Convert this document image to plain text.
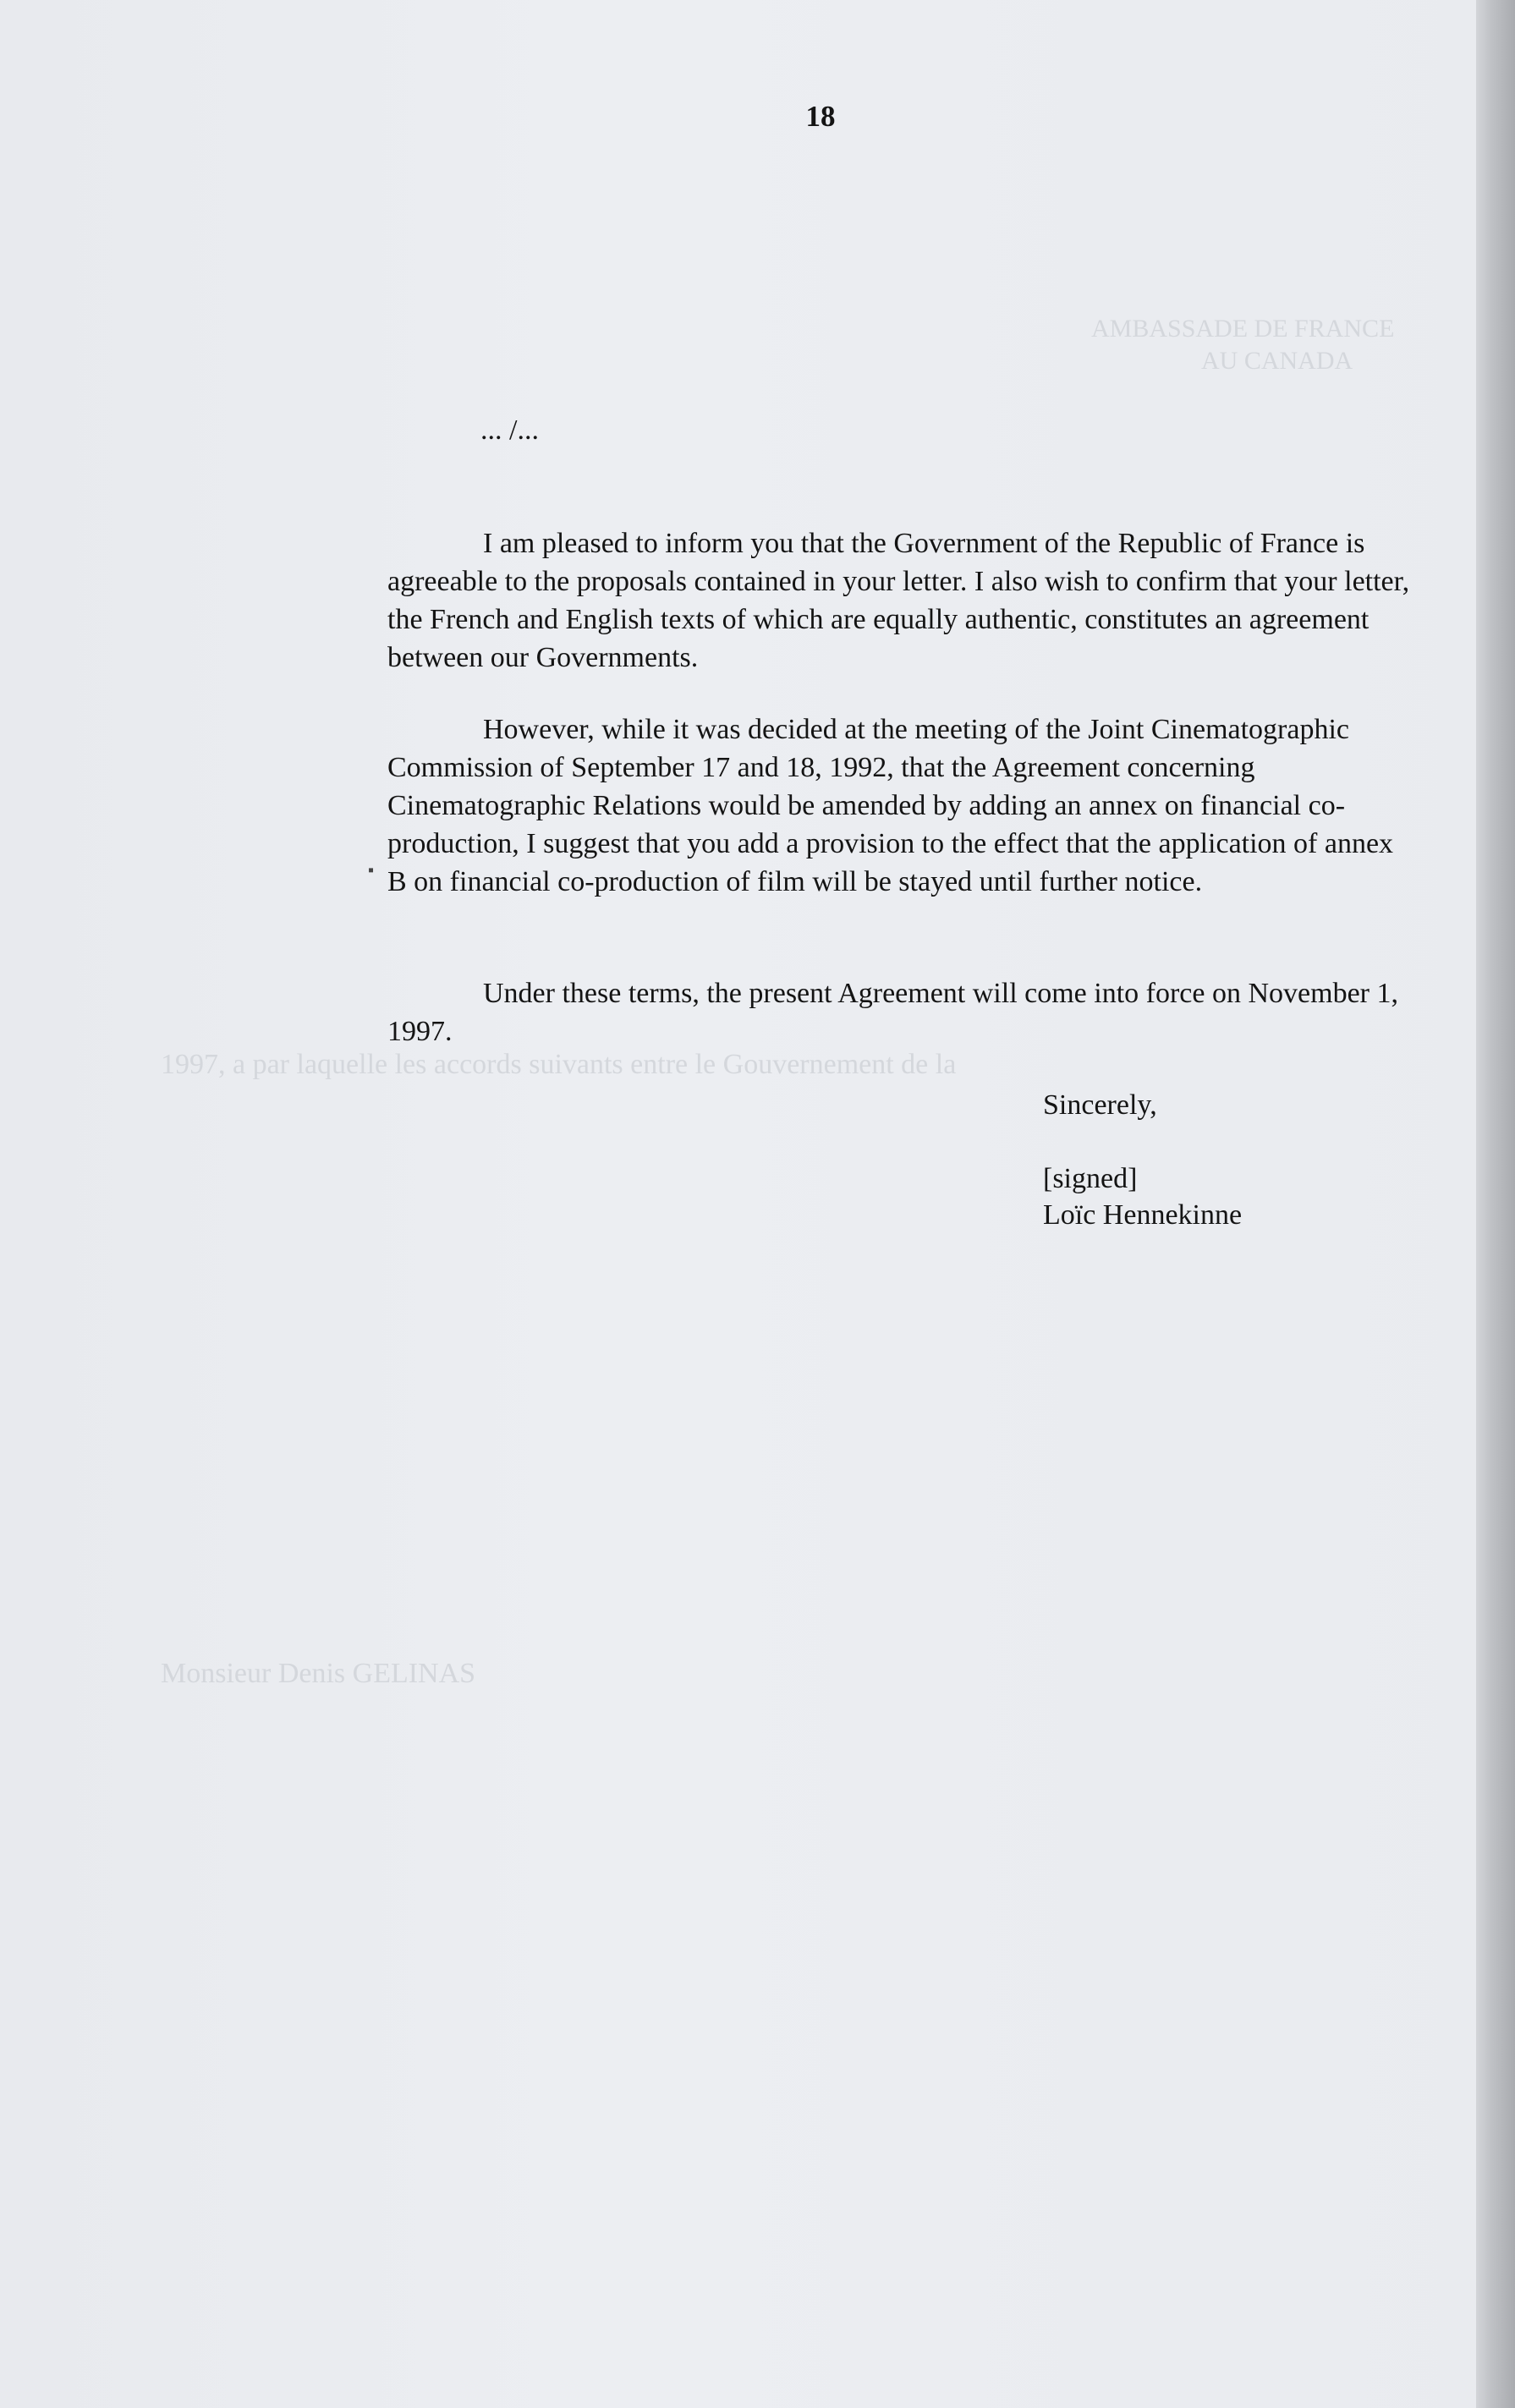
AMBASSADE DE FRANCE
AU CANADA
1997, a par laquelle les accords suivants entre le Gouvernement de la
Monsieur Denis GELINAS
18
... /...

I am pleased to inform you that the Government of the Republic of France is agreeable to the proposals contained in your letter. I also wish to confirm that your letter, the French and English texts of which are equally authentic, constitutes an agreement between our Governments.

However, while it was decided at the meeting of the Joint Cinematographic Commission of September 17 and 18, 1992, that the Agreement concerning Cinematographic Relations would be amended by adding an annex on financial co-production, I suggest that you add a provision to the effect that the application of annex B on financial co-production of film will be stayed until further notice.

▪

Under these terms, the present Agreement will come into force on November 1, 1997.

Sincerely,
[signed]
Loïc Hennekinne
